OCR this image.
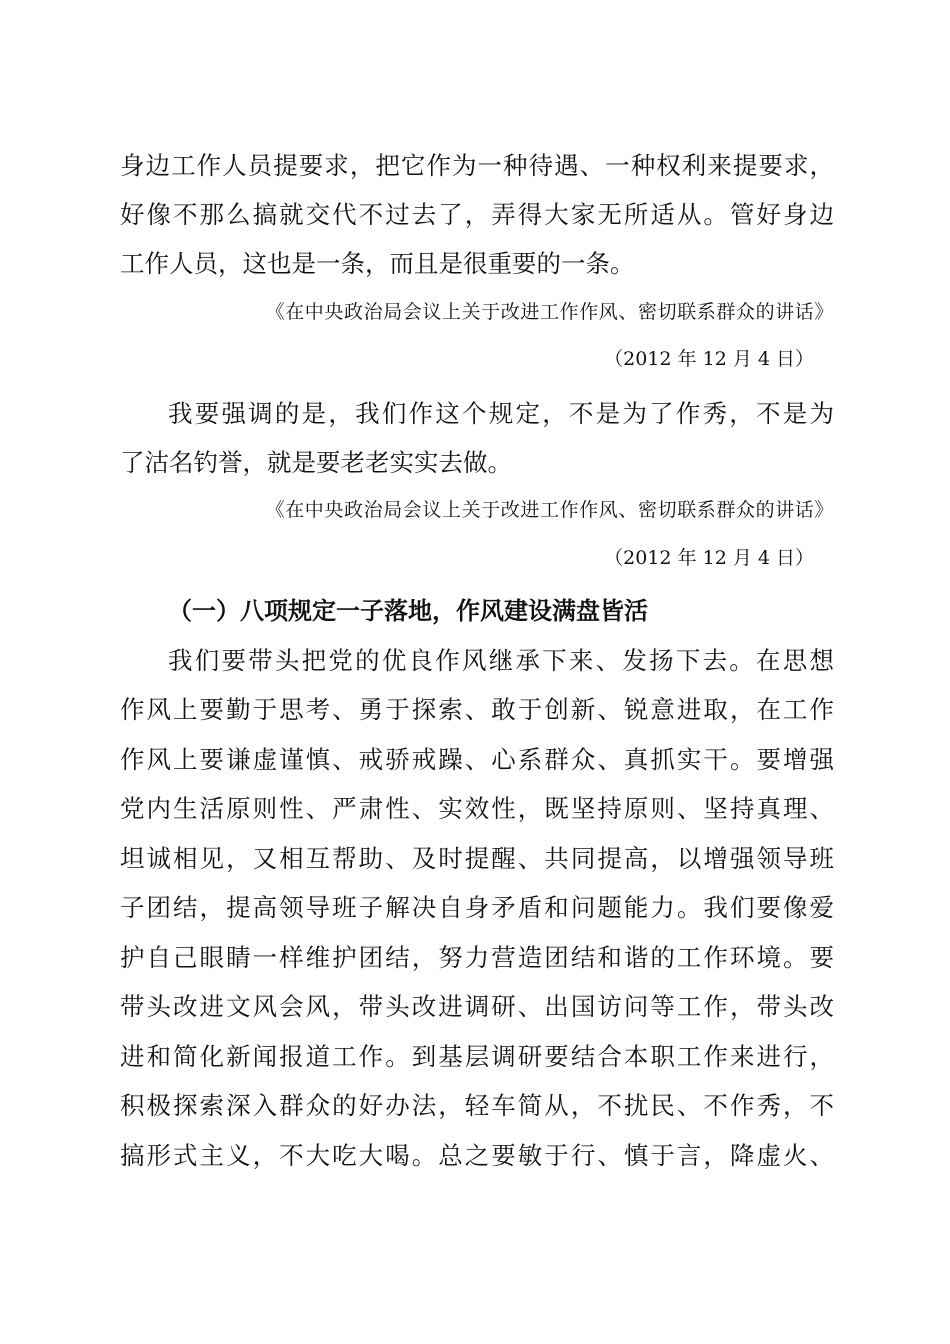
身边工作人员提要求，把它作为一种待遇、一种权利来提要求，
好像不那么搞就交代不过去了，弄得大家无所适从。管好身边
工作人员，这也是一条，而且是很重要的一条。
《在中央政治局会议上关于改进工作作风、密切联系群众的讲话》
（2012 年 12 月 4 日）
我要强调的是，我们作这个规定，不是为了作秀，不是为
了沽名钓誉，就是要老老实实去做。
《在中央政治局会议上关于改进工作作风、密切联系群众的讲话》
（2012 年 12 月 4 日）
（一）八项规定一子落地，作风建设满盘皆活
我们要带头把党的优良作风继承下来、发扬下去。在思想
作风上要勤于思考、勇于探索、敢于创新、锐意进取，在工作
作风上要谦虚谨慎、戒骄戒躁、心系群众、真抓实干。要增强
党内生活原则性、严肃性、实效性，既坚持原则、坚持真理、
坦诚相见，又相互帮助、及时提醒、共同提高，以增强领导班
子团结，提高领导班子解决自身矛盾和问题能力。我们要像爱
护自己眼睛一样维护团结，努力营造团结和谐的工作环境。要
带头改进文风会风，带头改进调研、出国访问等工作，带头改
进和简化新闻报道工作。到基层调研要结合本职工作来进行，
积极探索深入群众的好办法，轻车简从，不扰民、不作秀，不
搞形式主义，不大吃大喝。总之要敏于行、慎于言，降虚火、
